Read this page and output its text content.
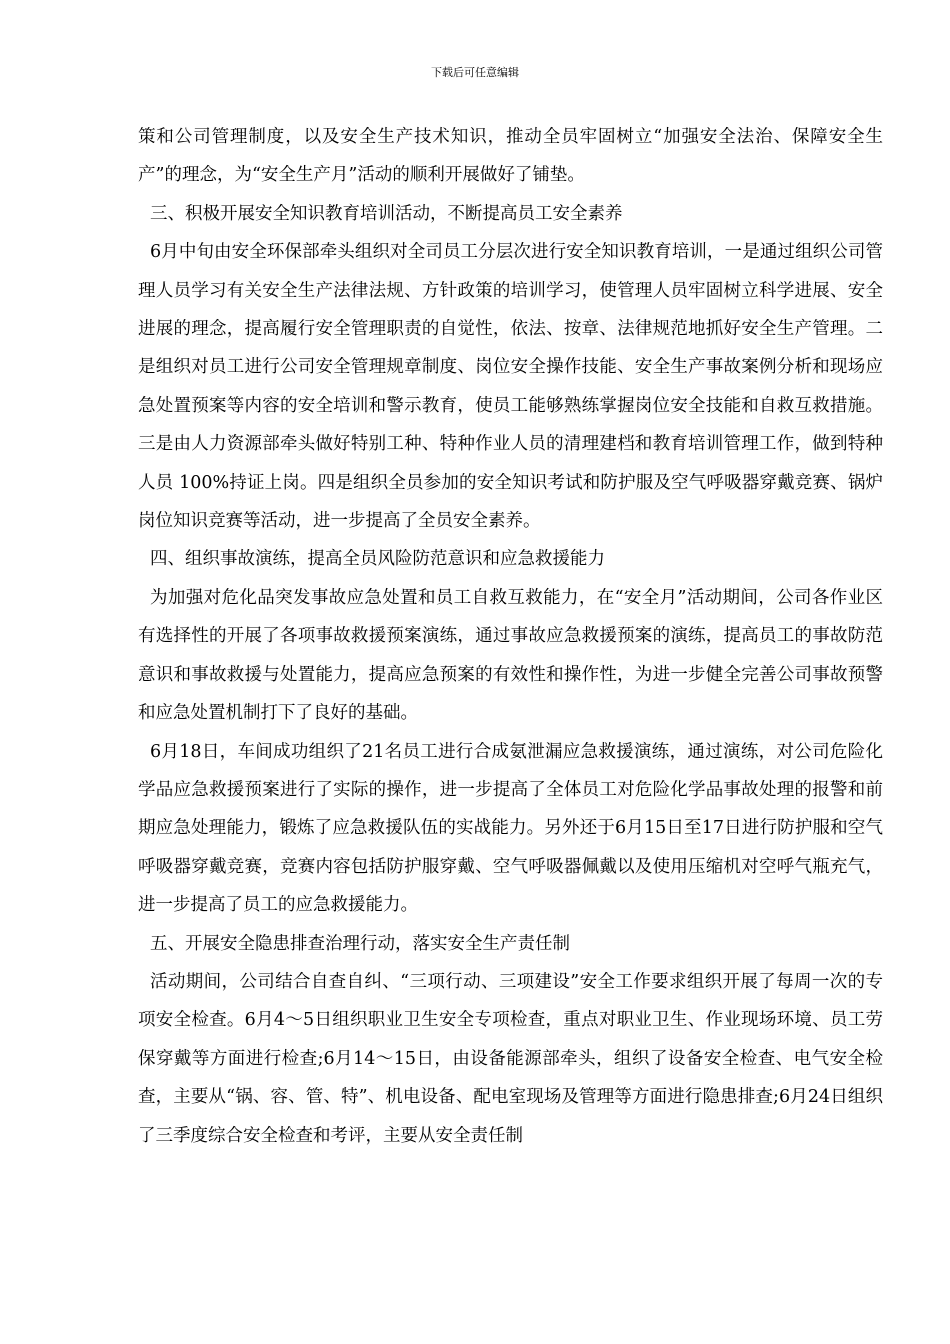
下载后可任意编辑

策和公司管理制度，以及安全生产技术知识，推动全员牢固树立“加强安全法治、保障安全生产”的理念，为“安全生产月”活动的顺利开展做好了铺垫。

三、积极开展安全知识教育培训活动，不断提高员工安全素养

6月中旬由安全环保部牵头组织对全司员工分层次进行安全知识教育培训，一是通过组织公司管理人员学习有关安全生产法律法规、方针政策的培训学习，使管理人员牢固树立科学进展、安全进展的理念，提高履行安全管理职责的自觉性，依法、按章、法律规范地抓好安全生产管理。二是组织对员工进行公司安全管理规章制度、岗位安全操作技能、安全生产事故案例分析和现场应急处置预案等内容的安全培训和警示教育，使员工能够熟练掌握岗位安全技能和自救互救措施。三是由人力资源部牵头做好特别工种、特种作业人员的清理建档和教育培训管理工作，做到特种人员 100%持证上岗。四是组织全员参加的安全知识考试和防护服及空气呼吸器穿戴竞赛、锅炉岗位知识竞赛等活动，进一步提高了全员安全素养。

四、组织事故演练，提高全员风险防范意识和应急救援能力

为加强对危化品突发事故应急处置和员工自救互救能力，在“安全月”活动期间，公司各作业区有选择性的开展了各项事故救援预案演练，通过事故应急救援预案的演练，提高员工的事故防范意识和事故救援与处置能力，提高应急预案的有效性和操作性，为进一步健全完善公司事故预警和应急处置机制打下了良好的基础。

6月18日，车间成功组织了21名员工进行合成氨泄漏应急救援演练，通过演练，对公司危险化学品应急救援预案进行了实际的操作，进一步提高了全体员工对危险化学品事故处理的报警和前期应急处理能力，锻炼了应急救援队伍的实战能力。另外还于6月15日至17日进行防护服和空气呼吸器穿戴竞赛，竞赛内容包括防护服穿戴、空气呼吸器佩戴以及使用压缩机对空呼气瓶充气，进一步提高了员工的应急救援能力。

五、开展安全隐患排查治理行动，落实安全生产责任制

活动期间，公司结合自查自纠、“三项行动、三项建设”安全工作要求组织开展了每周一次的专项安全检查。6月4～5日组织职业卫生安全专项检查，重点对职业卫生、作业现场环境、员工劳保穿戴等方面进行检查;6月14～15日，由设备能源部牵头，组织了设备安全检查、电气安全检查，主要从“锅、容、管、特”、机电设备、配电室现场及管理等方面进行隐患排查;6月24日组织了三季度综合安全检查和考评，主要从安全责任制
